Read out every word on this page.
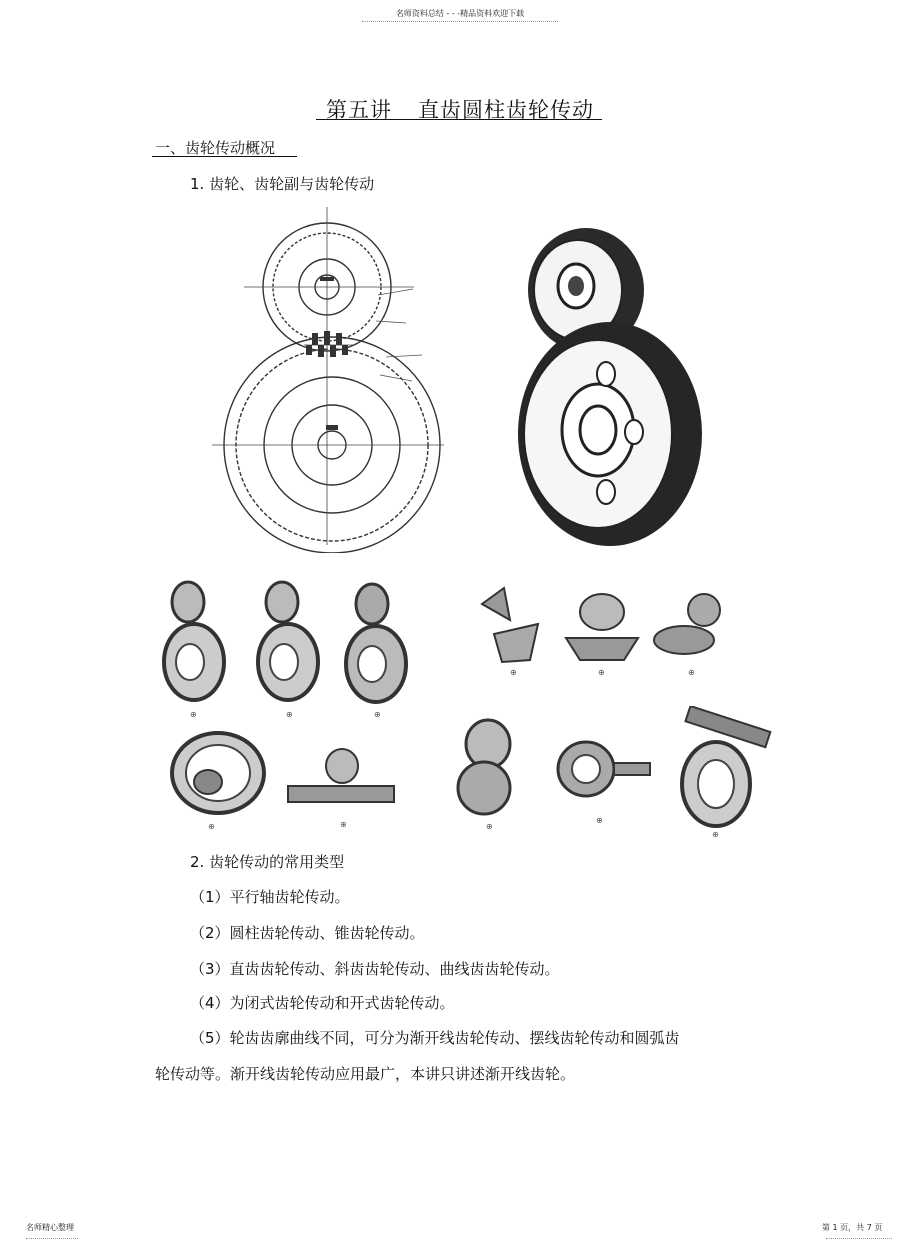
名师资料总结 - - -精品资料欢迎下载
第五讲 直齿圆柱齿轮传动
一、齿轮传动概况
1. 齿轮、齿轮副与齿轮传动
⊕	⊕	⊕
⊕	⊕	⊕
⊕	⊕	⊕
⊕
⊕
2. 齿轮传动的常用类型
（1）平行轴齿轮传动。
（2）圆柱齿轮传动、锥齿轮传动。
（3）直齿齿轮传动、斜齿齿轮传动、曲线齿齿轮传动。
（4）为闭式齿轮传动和开式齿轮传动。
（5）轮齿齿廓曲线不同，可分为渐开线齿轮传动、摆线齿轮传动和圆弧齿
轮传动等。渐开线齿轮传动应用最广，本讲只讲述渐开线齿轮。
名师精心整理	第 1 页，共 7 页
